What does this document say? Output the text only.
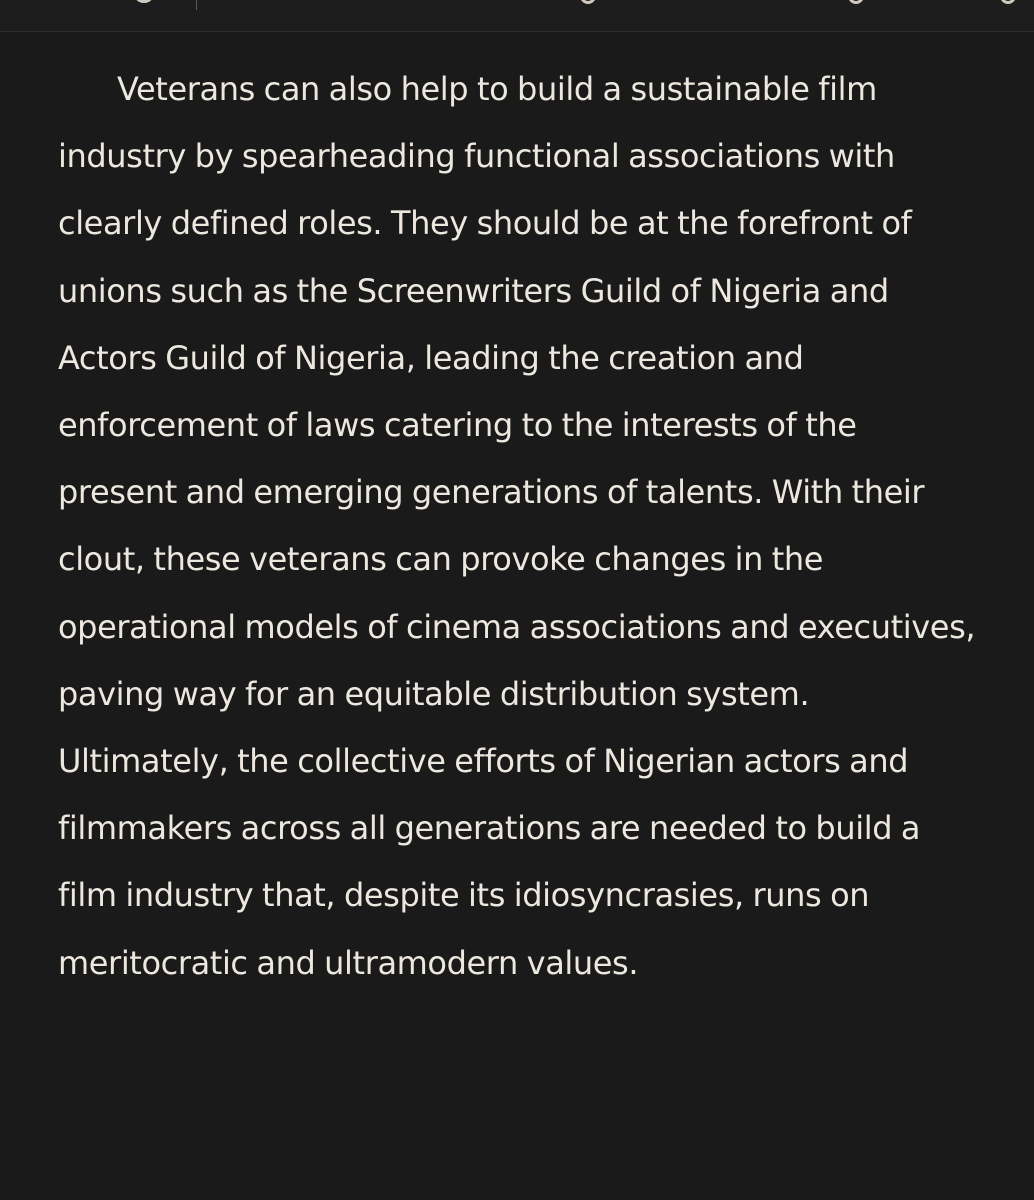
Veterans can also help to build a sustainable film industry by spearheading functional associations with clearly defined roles. They should be at the forefront of unions such as the Screenwriters Guild of Nigeria and Actors Guild of Nigeria, leading the creation and enforcement of laws catering to the interests of the present and emerging generations of talents. With their clout, these veterans can provoke changes in the operational models of cinema associations and executives, paving way for an equitable distribution system. Ultimately, the collective efforts of Nigerian actors and filmmakers across all generations are needed to build a film industry that, despite its idiosyncrasies, runs on meritocratic and ultramodern values.
